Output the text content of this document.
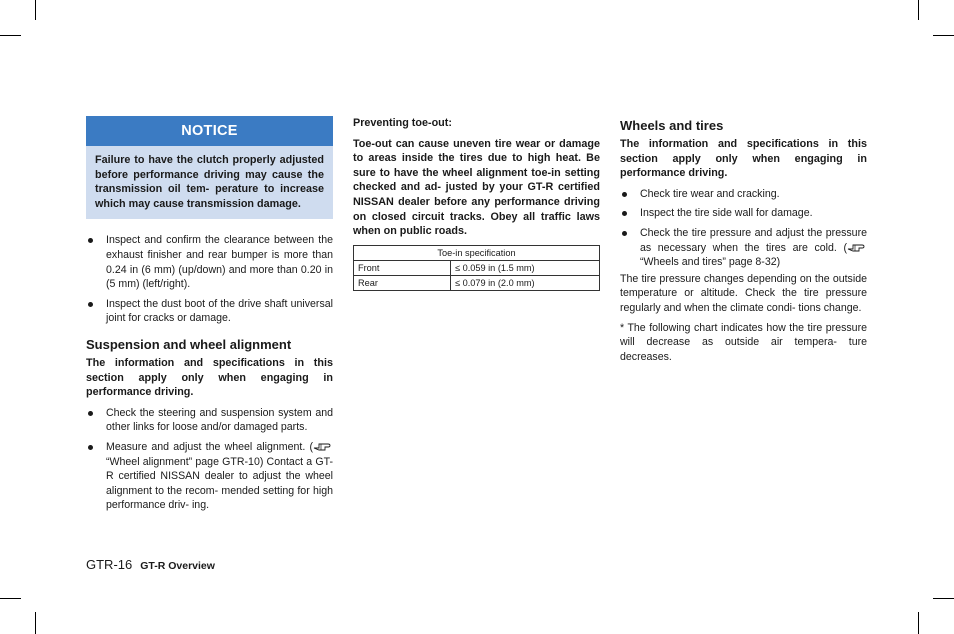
NOTICE
Failure to have the clutch properly adjusted before performance driving may cause the transmission oil tem- perature to increase which may cause transmission damage.
Inspect and confirm the clearance between the exhaust finisher and rear bumper is more than 0.24 in (6 mm) (up/down) and more than 0.20 in (5 mm) (left/right).
Inspect the dust boot of the drive shaft universal joint for cracks or damage.
Suspension and wheel alignment

The information and specifications in this section apply only when engaging in performance driving.

Check the steering and suspension system and other links for loose and/or damaged parts.
Measure and adjust the wheel alignment. (“Wheel alignment” page GTR-10) Contact a GT-R certified NISSAN dealer to adjust the wheel alignment to the recom- mended setting for high performance driv- ing.

Preventing toe-out:

Toe-out can cause uneven tire wear or damage to areas inside the tires due to high heat. Be sure to have the wheel alignment toe-in setting checked and ad- justed by your GT-R certified NISSAN dealer before any performance driving on closed circuit tracks. Obey all traffic laws when on public roads.

Toe-in specification	
Front	≤ 0.059 in (1.5 mm)
Rear	≤ 0.079 in (2.0 mm)
Wheels and tires

The information and specifications in this section apply only when engaging in performance driving.

Check tire wear and cracking.
Inspect the tire side wall for damage.
Check the tire pressure and adjust the pressure as necessary when the tires are cold. (“Wheels and tires” page 8-32)

The tire pressure changes depending on the outside temperature or altitude. Check the tire pressure regularly and when the climate condi- tions change.

* The following chart indicates how the tire pressure will decrease as outside air tempera- ture decreases.

GTR-16 GT-R Overview
